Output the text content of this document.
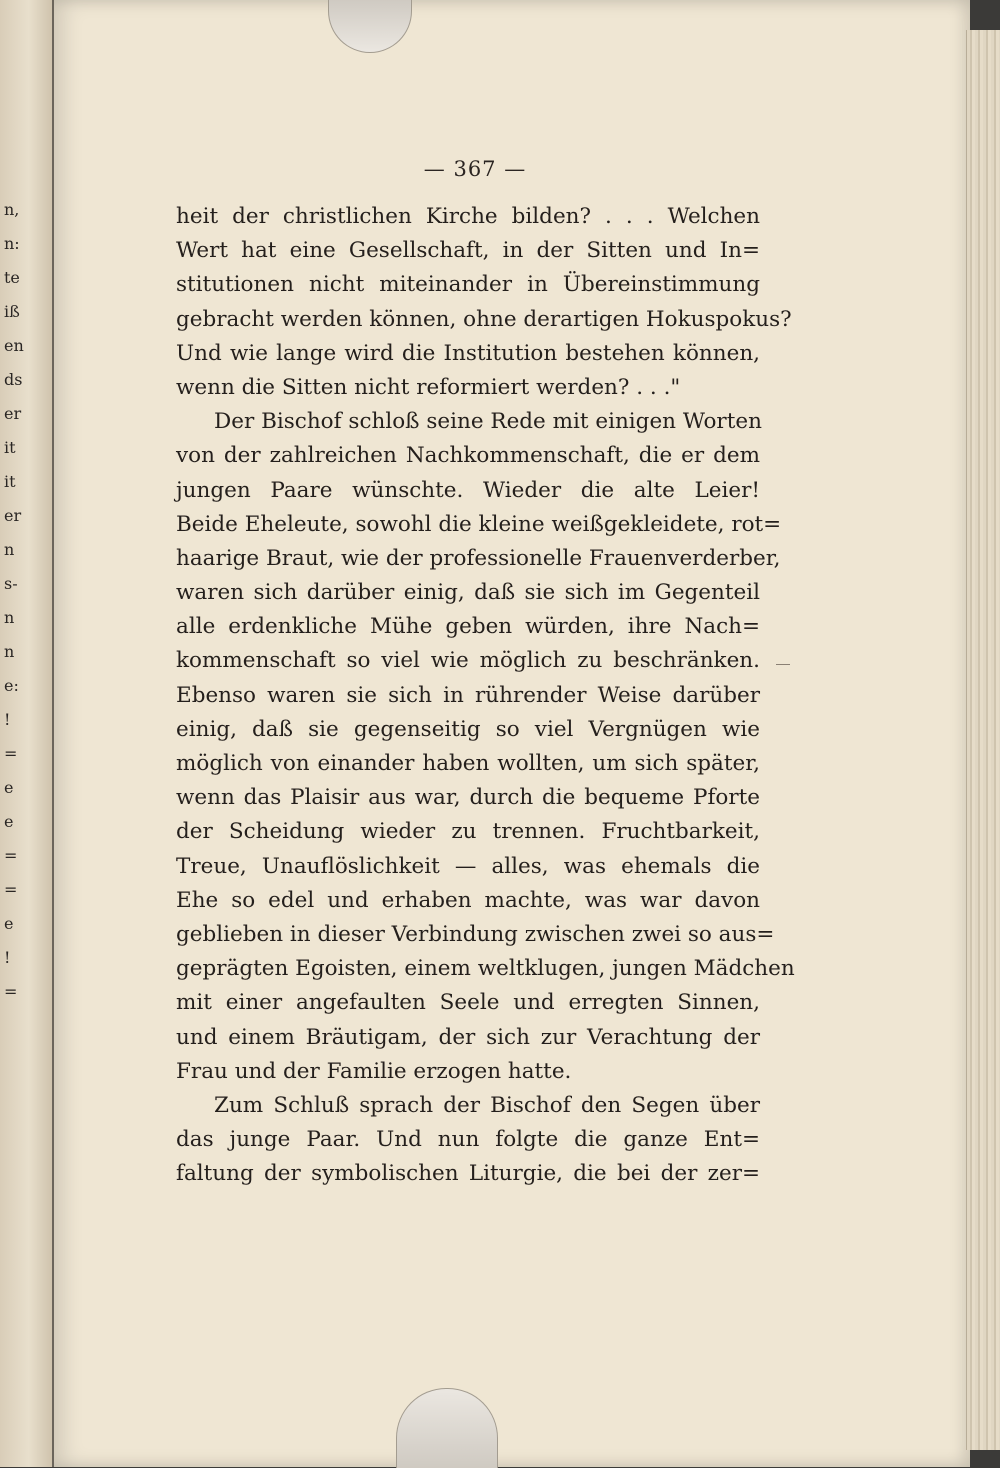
n,
n:
te
iß
en
ds
er
it
it
er
n
s-
n
n
e:
!
=
e
e
=
=
e
!
=
— 367 —
heit der christlichen Kirche bilden? . . . Welchen
Wert hat eine Gesellschaft, in der Sitten und In=
stitutionen nicht miteinander in Übereinstimmung
gebracht werden können, ohne derartigen Hokuspokus?
Und wie lange wird die Institution bestehen können,
wenn die Sitten nicht reformiert werden? . . ."
Der Bischof schloß seine Rede mit einigen Worten
von der zahlreichen Nachkommenschaft, die er dem
jungen Paare wünschte. Wieder die alte Leier!
Beide Eheleute, sowohl die kleine weißgekleidete, rot=
haarige Braut, wie der professionelle Frauenverderber,
waren sich darüber einig, daß sie sich im Gegenteil
alle erdenkliche Mühe geben würden, ihre Nach=
kommenschaft so viel wie möglich zu beschränken.
Ebenso waren sie sich in rührender Weise darüber
einig, daß sie gegenseitig so viel Vergnügen wie
möglich von einander haben wollten, um sich später,
wenn das Plaisir aus war, durch die bequeme Pforte
der Scheidung wieder zu trennen. Fruchtbarkeit,
Treue, Unauflöslichkeit — alles, was ehemals die
Ehe so edel und erhaben machte, was war davon
geblieben in dieser Verbindung zwischen zwei so aus=
geprägten Egoisten, einem weltklugen, jungen Mädchen
mit einer angefaulten Seele und erregten Sinnen,
und einem Bräutigam, der sich zur Verachtung der
Frau und der Familie erzogen hatte.
Zum Schluß sprach der Bischof den Segen über
das junge Paar. Und nun folgte die ganze Ent=
faltung der symbolischen Liturgie, die bei der zer=
